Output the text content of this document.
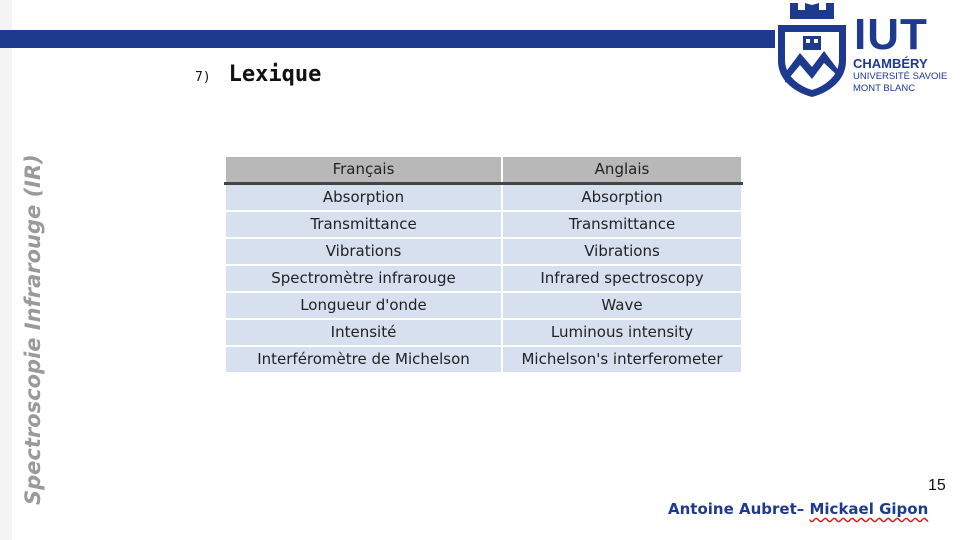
Spectroscopie Infrarouge (IR)
7) Lexique
IUT
CHAMBÉRY
UNIVERSITÉ SAVOIE
MONT BLANC
Français	Anglais
Absorption	Absorption
Transmittance	Transmittance
Vibrations	Vibrations
Spectromètre infrarouge	Infrared spectroscopy
Longueur d'onde	Wave
Intensité	Luminous intensity
Interféromètre de Michelson	Michelson's interferometer
15
Antoine Aubret– Mickael Gipon
